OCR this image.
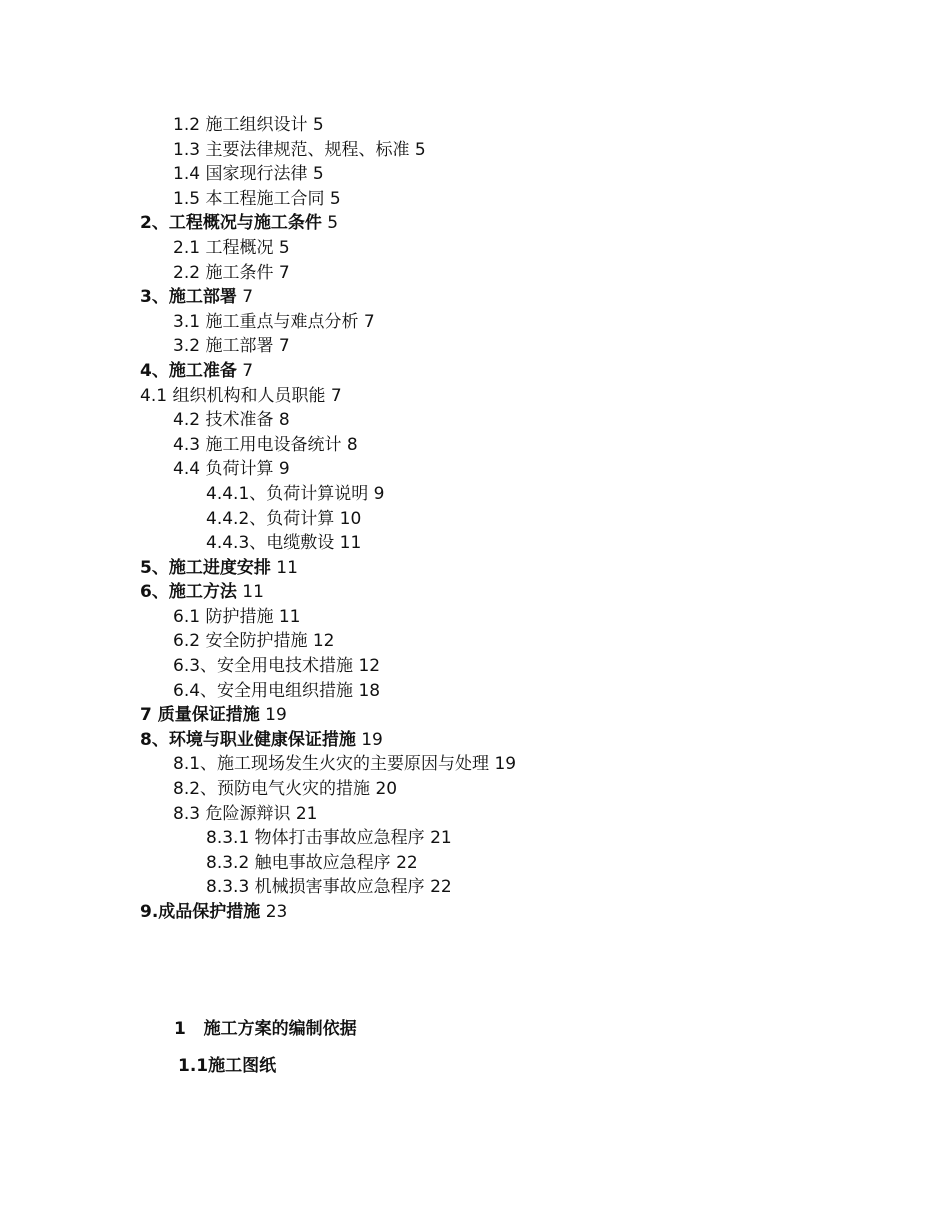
1.2 施工组织设计 5
1.3 主要法律规范、规程、标准 5
1.4 国家现行法律 5
1.5 本工程施工合同 5
2、工程概况与施工条件 5
2.1 工程概况 5
2.2 施工条件 7
3、施工部署 7
3.1 施工重点与难点分析 7
3.2 施工部署 7
4、施工准备 7
4.1 组织机构和人员职能 7
4.2 技术准备 8
4.3 施工用电设备统计 8
4.4 负荷计算 9
4.4.1、负荷计算说明 9
4.4.2、负荷计算 10
4.4.3、电缆敷设 11
5、施工进度安排 11
6、施工方法 11
6.1 防护措施 11
6.2 安全防护措施 12
6.3、安全用电技术措施 12
6.4、安全用电组织措施 18
7 质量保证措施 19
8、环境与职业健康保证措施 19
8.1、施工现场发生火灾的主要原因与处理 19
8.2、预防电气火灾的措施 20
8.3 危险源辩识 21
8.3.1 物体打击事故应急程序 21
8.3.2 触电事故应急程序 22
8.3.3 机械损害事故应急程序 22
9.成品保护措施 23
1   施工方案的编制依据
1.1施工图纸
